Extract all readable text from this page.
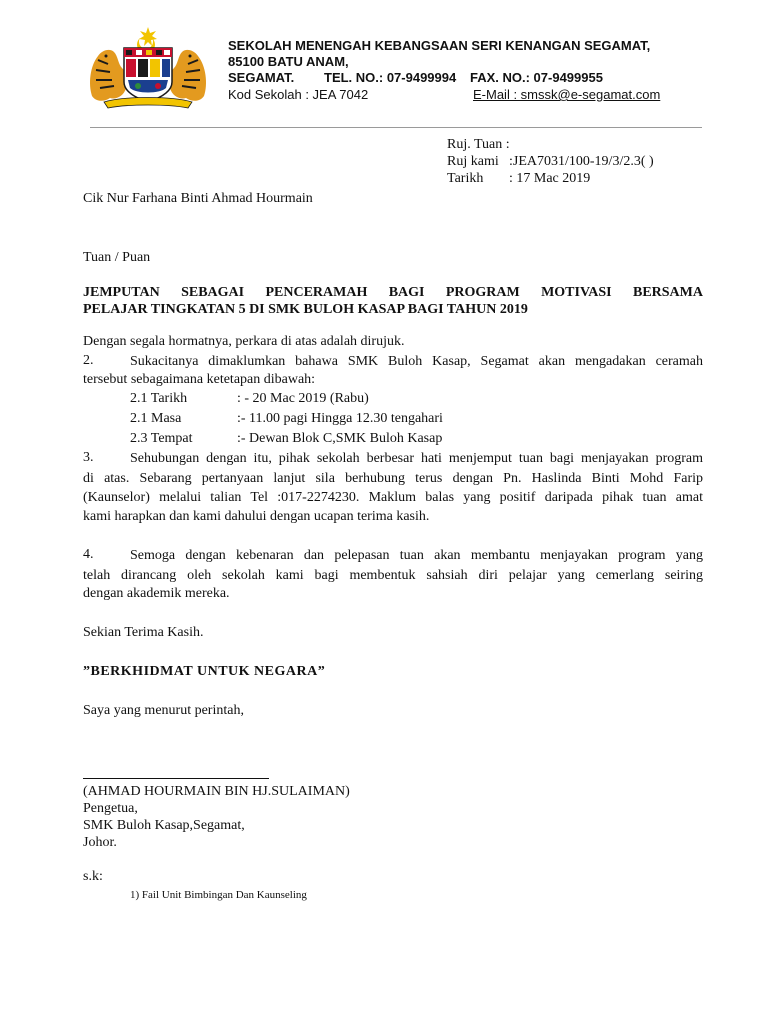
SEKOLAH MENENGAH KEBANGSAAN SERI KENANGAN SEGAMAT,
85100 BATU ANAM,
SEGAMAT. TEL. NO.: 07-9499994 FAX. NO.: 07-9499955
Kod Sekolah : JEA 7042	E-Mail : smssk@e-segamat.com
Ruj. Tuan :
Ruj kami :JEA7031/100-19/3/2.3( )
Tarikh : 17 Mac 2019
Cik Nur Farhana Binti Ahmad Hourmain
Tuan / Puan
JEMPUTAN SEBAGAI PENCERAMAH BAGI PROGRAM MOTIVASI BERSAMA
PELAJAR TINGKATAN 5 DI SMK BULOH KASAP BAGI TAHUN 2019
Dengan segala hormatnya, perkara di atas adalah dirujuk.
2.	Sukacitanya dimaklumkan bahawa SMK Buloh Kasap, Segamat akan mengadakan ceramah
tersebut sebagaimana ketetapan dibawah:
2.1 Tarikh	: - 20 Mac 2019 (Rabu)
2.1 Masa	:- 11.00 pagi Hingga 12.30 tengahari
2.3 Tempat	:- Dewan Blok C,SMK Buloh Kasap
3.	Sehubungan dengan itu, pihak sekolah berbesar hati menjemput tuan bagi menjayakan program
di atas. Sebarang pertanyaan lanjut sila berhubung terus dengan Pn. Haslinda Binti Mohd Farip
(Kaunselor) melalui talian Tel :017-2274230. Maklum balas yang positif daripada pihak tuan amat
kami harapkan dan kami dahului dengan ucapan terima kasih.
4.	Semoga dengan kebenaran dan pelepasan tuan akan membantu menjayakan program yang
telah dirancang oleh sekolah kami bagi membentuk sahsiah diri pelajar yang cemerlang seiring
dengan akademik mereka.
Sekian Terima Kasih.
”BERKHIDMAT UNTUK NEGARA”
Saya yang menurut perintah,
(AHMAD HOURMAIN BIN HJ.SULAIMAN)
Pengetua,
SMK Buloh Kasap,Segamat,
Johor.
s.k:
1) Fail Unit Bimbingan Dan Kaunseling
